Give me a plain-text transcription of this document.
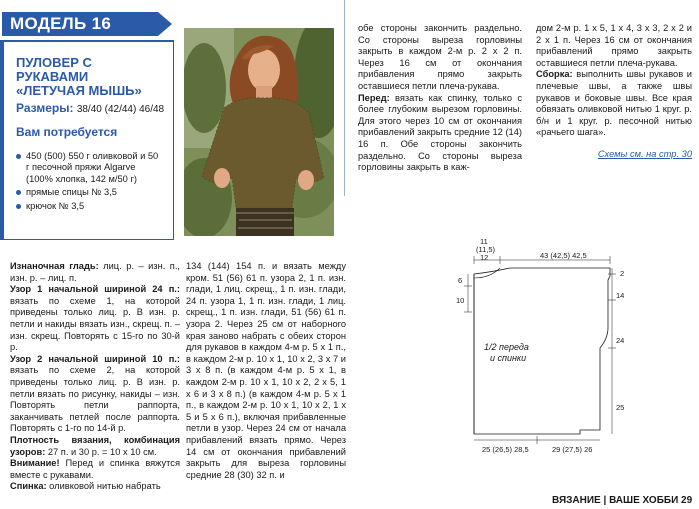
МОДЕЛЬ 16
ПУЛОВЕР С РУКАВАМИ
«ЛЕТУЧАЯ МЫШЬ»
Размеры: 38/40 (42/44) 46/48
Вам потребуется
450 (500) 550 г оливковой и 50 г песочной пряжи Algarve (100% хлопка, 142 м/50 г)
прямые спицы № 3,5
крючок № 3,5

Изнаночная гладь: лиц. р. – изн. п., изн. р. – лиц. п.

Узор 1 начальной шириной 24 п.: вязать по схеме 1, на которой приведены только лиц. р. В изн. р. петли и накиды вязать изн., скрещ. п. – изн. скрещ. Повторять с 15-го по 30-й р.

Узор 2 начальной шириной 10 п.: вязать по схеме 2, на которой приведены только лиц. р. В изн. р. петли вязать по рисунку, накиды – изн. Повторять петли раппорта, заканчивать петлей после раппорта. Повторять с 1-го по 14-й р.

Плотность вязания, комбинация узоров: 27 п. и 30 р. = 10 х 10 см.

Внимание! Перед и спинка вяжутся вместе с рукавами.

Спинка: оливковой нитью набрать

134 (144) 154 п. и вязать между кром. 51 (56) 61 п. узора 2, 1 п. изн. глади, 1 лиц. скрещ., 1 п. изн. глади, 24 п. узора 1, 1 п. изн. глади, 1 лиц. скрещ., 1 п. изн. глади, 51 (56) 61 п. узора 2. Через 25 см от наборного края заново набрать с обеих сторон для рукавов в каждом 4-м р. 5 х 1 п., в каждом 2-м р. 10 х 1, 10 х 2, 3 х 7 и 3 х 8 п. (в каждом 4-м р. 5 х 1, в каждом 2-м р. 10 х 1, 10 х 2, 2 х 5, 1 х 6 и 3 х 8 п.) (в каждом 4-м р. 5 х 1 п., в каждом 2-м р. 10 х 1, 10 х 2, 1 х 5 и 5 х 6 п.), включая прибавленные петли в узор. Через 24 см от начала прибавлений вязать прямо. Через 14 см от окончания прибавлений закрыть для выреза горловины средние 28 (30) 32 п. и

обе стороны закончить раздельно. Со стороны выреза горловины закрыть в каждом 2-м р. 2 х 2 п. Через 16 см от окончания прибавления прямо закрыть оставшиеся петли плеча-рукава.

Перед: вязать как спинку, только с более глубоким вырезом горловины. Для этого через 10 см от окончания прибавлений закрыть средние 12 (14) 16 п. Обе стороны закончить раздельно. Со стороны выреза горловины закрыть в каж-

дом 2-м р. 1 х 5, 1 х 4, 3 х 3, 2 х 2 и 2 х 1 п. Через 16 см от окончания прибавлений прямо закрыть оставшиеся петли плеча-рукава.

Сборка: выполнить швы рукавов и плечевые швы, а также швы рукавов и боковые швы. Все края обвязать оливковой нитью 1 круг. р. б/н и 1 круг. р. песочной нитью «рачьего шага».

Схемы см. на стр. 30

11
(11,5)
12	43 (42,5) 42,5
2
14
24
25
6
10
25 (26,5) 28,5	29 (27,5) 26
1/2 переда
и спинки
ВЯЗАНИЕ | ВАШЕ ХОББИ 29
